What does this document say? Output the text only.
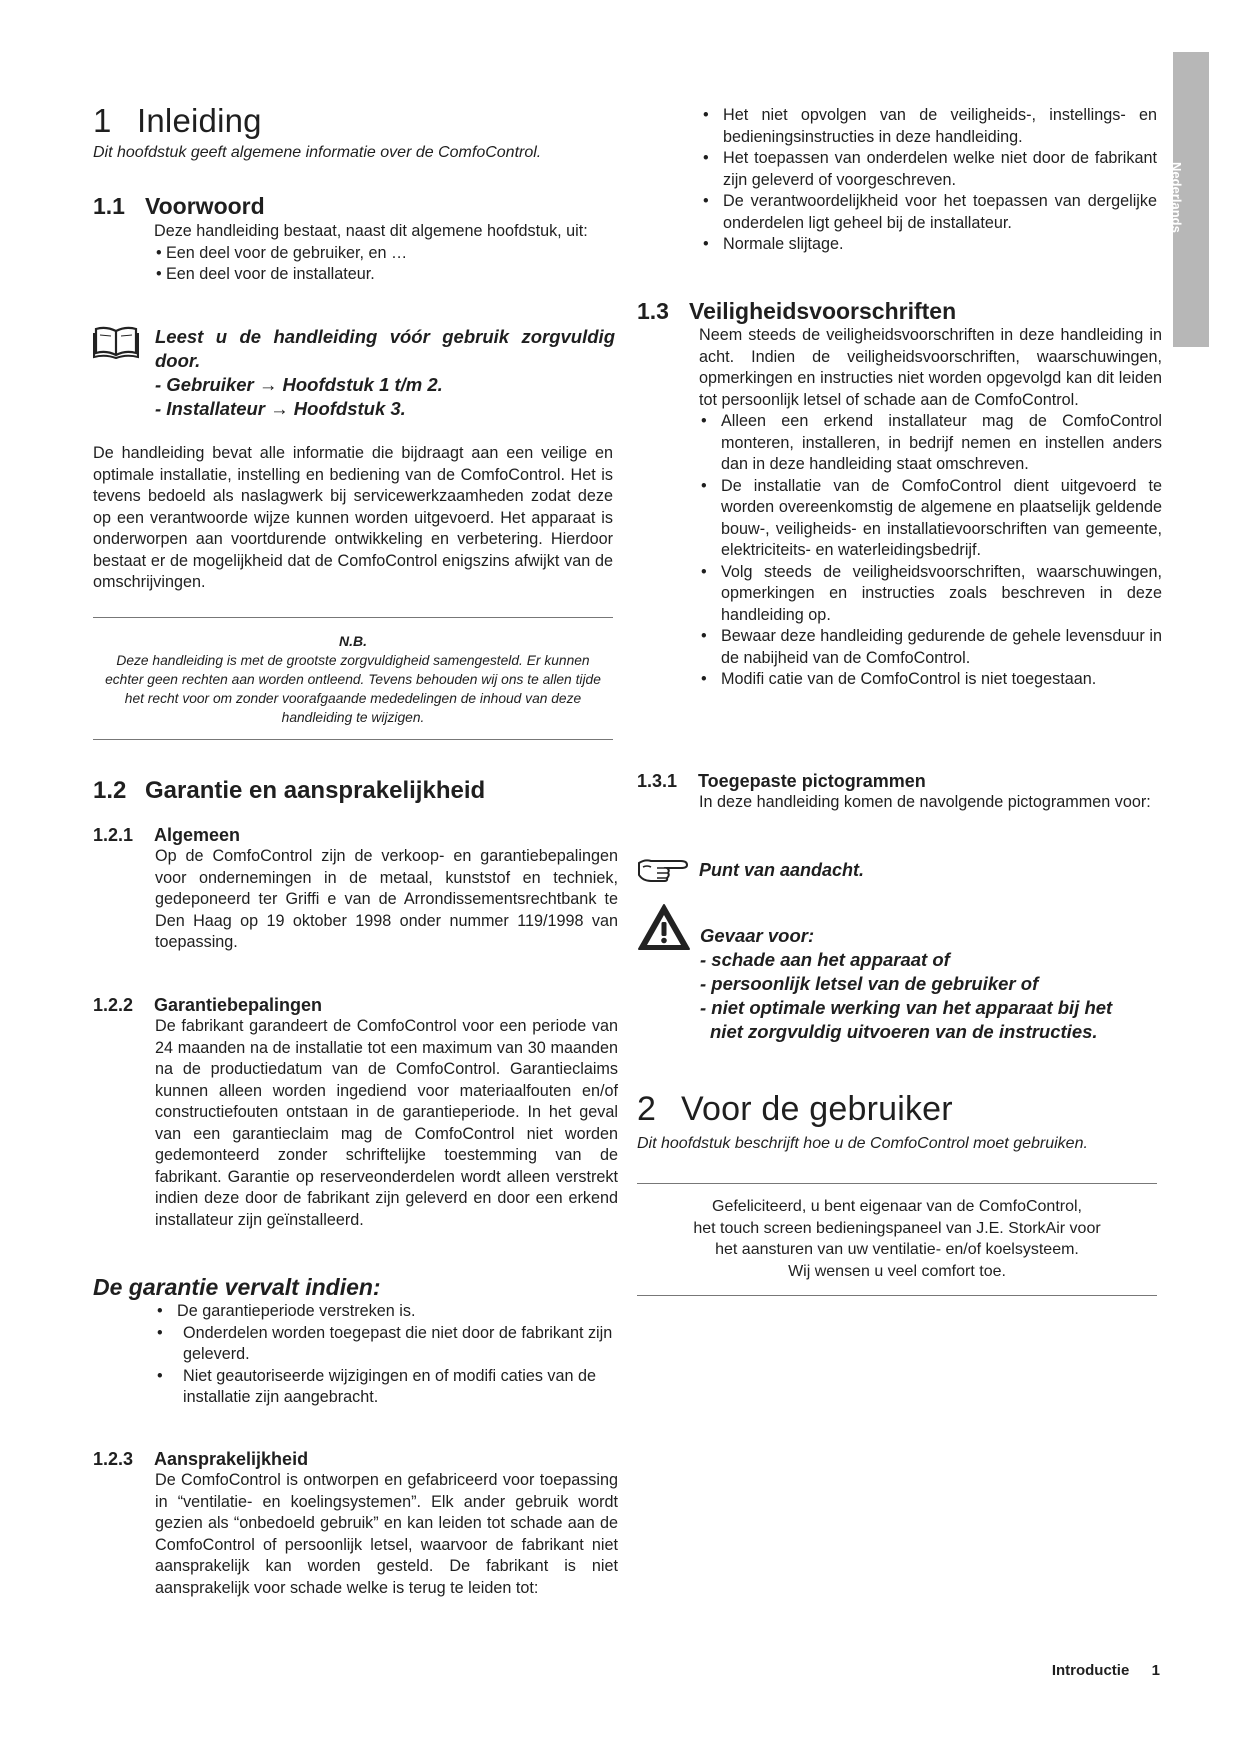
Nederlands
1 Inleiding

Dit hoofdstuk geeft algemene informatie over de ComfoControl.

1.1 Voorwoord

Deze handleiding bestaat, naast dit algemene hoofdstuk, uit:

• Een deel voor de gebruiker, en …
• Een deel voor de installateur.
Leest u de handleiding vóór gebruik zorgvuldig door.
- Gebruiker → Hoofdstuk 1 t/m 2.
- Installateur → Hoofdstuk 3.

De handleiding bevat alle informatie die bijdraagt aan een veilige en optimale installatie, instelling en bediening van de ComfoControl. Het is tevens bedoeld als naslagwerk bij servicewerkzaamheden zodat deze op een verantwoorde wijze kunnen worden uitgevoerd. Het apparaat is onderworpen aan voortdurende ontwikkeling en verbetering. Hierdoor bestaat er de mogelijkheid dat de ComfoControl enigszins afwijkt van de omschrijvingen.

N.B.
Deze handleiding is met de grootste zorgvuldigheid samengesteld. Er kunnen echter geen rechten aan worden ontleend. Tevens behouden wij ons te allen tijde het recht voor om zonder voorafgaande mededelingen de inhoud van deze handleiding te wijzigen.
1.2 Garantie en aansprakelijkheid
1.2.1 Algemeen

Op de ComfoControl zijn de verkoop- en garantiebepalingen voor ondernemingen in de metaal, kunststof en techniek, gedeponeerd ter Griffi e van de Arrondissementsrechtbank te Den Haag op 19 oktober 1998 onder nummer 119/1998 van toepassing.

1.2.2 Garantiebepalingen

De fabrikant garandeert de ComfoControl voor een periode van 24 maanden na de installatie tot een maximum van 30 maanden na de productiedatum van de ComfoControl. Garantieclaims kunnen alleen worden ingediend voor materiaalfouten en/of constructiefouten ontstaan in de garantieperiode. In het geval van een garantieclaim mag de ComfoControl niet worden gedemonteerd zonder schriftelijke toestemming van de fabrikant. Garantie op reserveonderdelen wordt alleen verstrekt indien deze door de fabrikant zijn geleverd en door een erkend installateur zijn geïnstalleerd.

De garantie vervalt indien:

• De garantieperiode verstreken is.
• Onderdelen worden toegepast die niet door de fabrikant zijn geleverd.
• Niet geautoriseerde wijzigingen en of modifi caties van de installatie zijn aangebracht.
1.2.3 Aansprakelijkheid

De ComfoControl is ontworpen en gefabriceerd voor toepassing in “ventilatie- en koelingsystemen”. Elk ander gebruik wordt gezien als “onbedoeld gebruik” en kan leiden tot schade aan de ComfoControl of persoonlijk letsel, waarvoor de fabrikant niet aansprakelijk kan worden gesteld. De fabrikant is niet aansprakelijk voor schade welke is terug te leiden tot:

• Het niet opvolgen van de veiligheids-, instellings- en bedieningsinstructies in deze handleiding.
• Het toepassen van onderdelen welke niet door de fabrikant zijn geleverd of voorgeschreven.
• De verantwoordelijkheid voor het toepassen van dergelijke onderdelen ligt geheel bij de installateur.
• Normale slijtage.
1.3 Veiligheidsvoorschriften

Neem steeds de veiligheidsvoorschriften in deze handleiding in acht. Indien de veiligheidsvoorschriften, waarschuwingen, opmerkingen en instructies niet worden opgevolgd kan dit leiden tot persoonlijk letsel of schade aan de ComfoControl.

• Alleen een erkend installateur mag de ComfoControl monteren, installeren, in bedrijf nemen en instellen anders dan in deze handleiding staat omschreven.
• De installatie van de ComfoControl dient uitgevoerd te worden overeenkomstig de algemene en plaatselijk geldende bouw-, veiligheids- en installatievoorschriften van gemeente, elektriciteits- en waterleidingsbedrijf.
• Volg steeds de veiligheidsvoorschriften, waarschuwingen, opmerkingen en instructies zoals beschreven in deze handleiding op.
• Bewaar deze handleiding gedurende de gehele levensduur in de nabijheid van de ComfoControl.
• Modifi catie van de ComfoControl is niet toegestaan.
1.3.1 Toegepaste pictogrammen

In deze handleiding komen de navolgende pictogrammen voor:

Punt van aandacht.
Gevaar voor:
- schade aan het apparaat of
- persoonlijk letsel van de gebruiker of
- niet optimale werking van het apparaat bij het
niet zorgvuldig uitvoeren van de instructies.
2 Voor de gebruiker

Dit hoofdstuk beschrijft hoe u de ComfoControl moet gebruiken.

Gefeliciteerd, u bent eigenaar van de ComfoControl,
het touch screen bedieningspaneel van J.E. StorkAir voor
het aansturen van uw ventilatie- en/of koelsysteem.
Wij wensen u veel comfort toe.
Introductie 1
